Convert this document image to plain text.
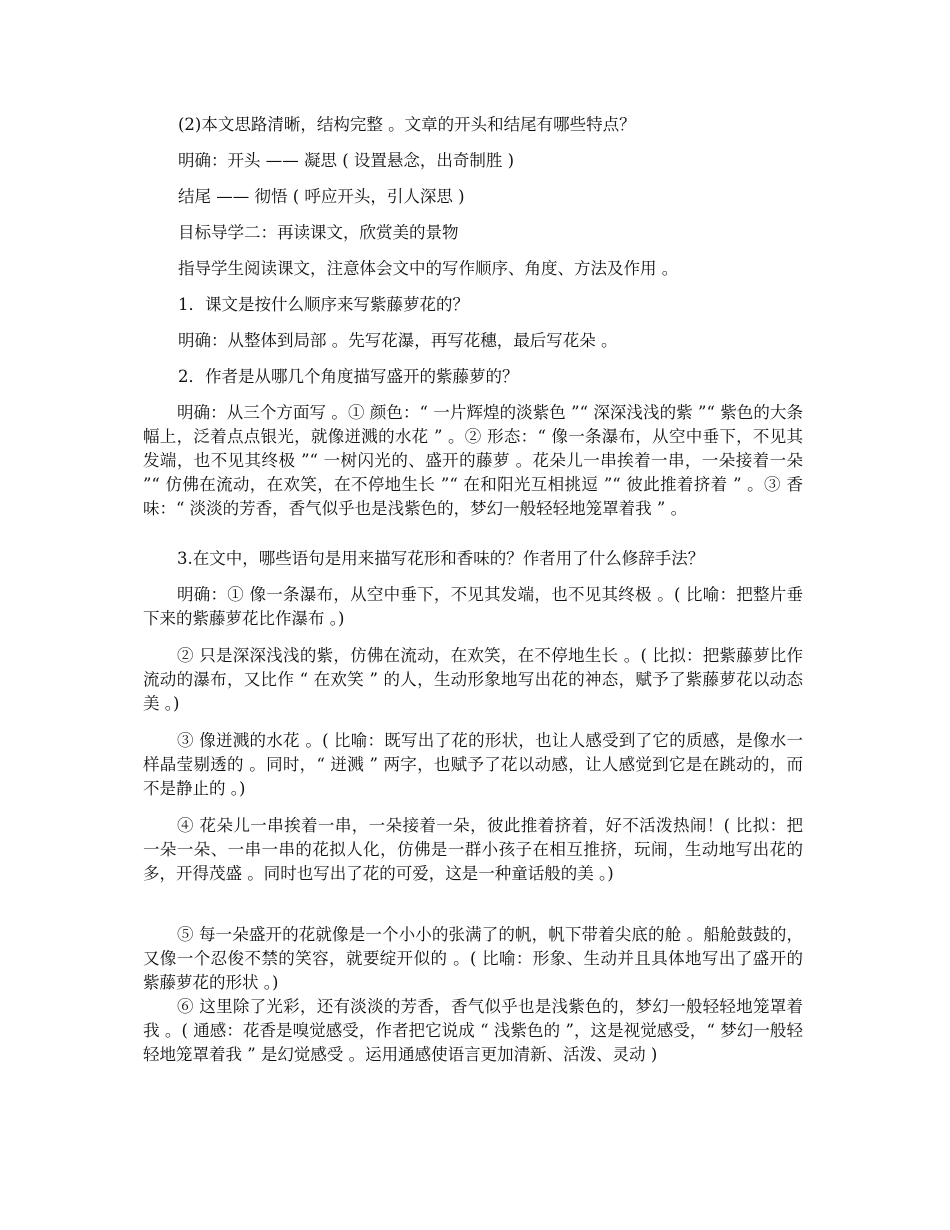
(2)本文思路清晰，结构完整 。文章的开头和结尾有哪些特点？
明确：开头 —— 凝思 ( 设置悬念，出奇制胜 )
结尾 —— 彻悟 ( 呼应开头，引人深思 )
目标导学二：再读课文，欣赏美的景物
指导学生阅读课文，注意体会文中的写作顺序、角度、方法及作用 。
1．课文是按什么顺序来写紫藤萝花的？
明确：从整体到局部 。先写花瀑，再写花穗，最后写花朵 。
2．作者是从哪几个角度描写盛开的紫藤萝的？
明确：从三个方面写 。① 颜色：“ 一片辉煌的淡紫色 ”“ 深深浅浅的紫 ”“ 紫色的大条幅上，泛着点点银光，就像迸溅的水花 ” 。② 形态：“ 像一条瀑布，从空中垂下，不见其发端，也不见其终极 ”“ 一树闪光的、盛开的藤萝 。花朵儿一串挨着一串，一朵接着一朵 ”“ 仿佛在流动，在欢笑，在不停地生长 ”“ 在和阳光互相挑逗 ”“ 彼此推着挤着 ” 。③ 香味：“ 淡淡的芳香，香气似乎也是浅紫色的，梦幻一般轻轻地笼罩着我 ” 。
3.在文中，哪些语句是用来描写花形和香味的？作者用了什么修辞手法？
明确：① 像一条瀑布，从空中垂下，不见其发端，也不见其终极 。( 比喻：把整片垂下来的紫藤萝花比作瀑布 。)
② 只是深深浅浅的紫，仿佛在流动，在欢笑，在不停地生长 。( 比拟：把紫藤萝比作流动的瀑布，又比作 “ 在欢笑 ” 的人，生动形象地写出花的神态，赋予了紫藤萝花以动态美 。)
③ 像迸溅的水花 。( 比喻：既写出了花的形状，也让人感受到了它的质感，是像水一样晶莹剔透的 。同时，“ 迸溅 ” 两字，也赋予了花以动感，让人感觉到它是在跳动的，而不是静止的 。)
④ 花朵儿一串挨着一串，一朵接着一朵，彼此推着挤着，好不活泼热闹！( 比拟：把一朵一朵、一串一串的花拟人化，仿佛是一群小孩子在相互推挤，玩闹，生动地写出花的多，开得茂盛 。同时也写出了花的可爱，这是一种童话般的美 。)
⑤ 每一朵盛开的花就像是一个小小的张满了的帆，帆下带着尖底的舱 。船舱鼓鼓的，又像一个忍俊不禁的笑容，就要绽开似的 。( 比喻：形象、生动并且具体地写出了盛开的紫藤萝花的形状 。)
⑥ 这里除了光彩，还有淡淡的芳香，香气似乎也是浅紫色的，梦幻一般轻轻地笼罩着我 。( 通感：花香是嗅觉感受，作者把它说成 “ 浅紫色的 ”，这是视觉感受，“ 梦幻一般轻轻地笼罩着我 ” 是幻觉感受 。运用通感使语言更加清新、活泼、灵动 )
